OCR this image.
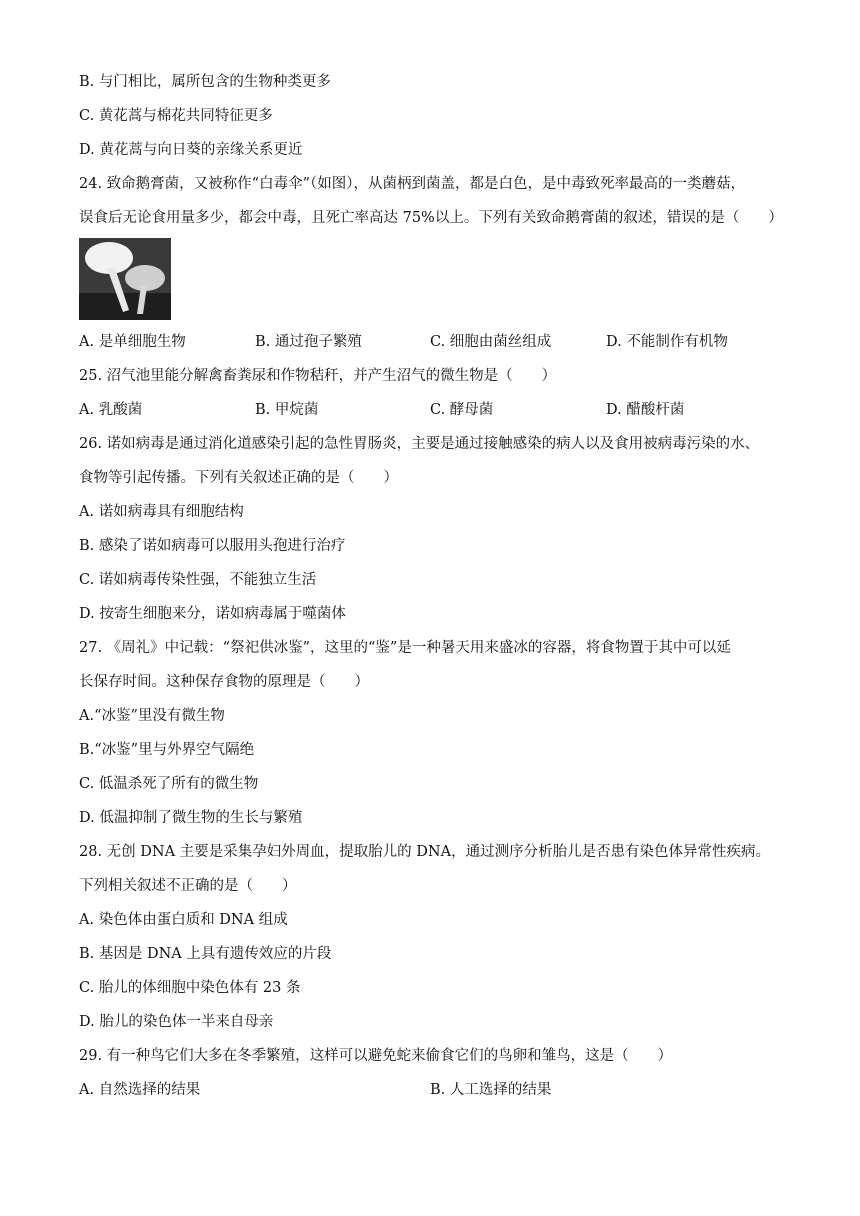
B. 与门相比，属所包含的生物种类更多
C. 黄花蒿与棉花共同特征更多
D. 黄花蒿与向日葵的亲缘关系更近
24. 致命鹅膏菌，又被称作“白毒伞”（如图），从菌柄到菌盖，都是白色，是中毒致死率最高的一类蘑菇，
误食后无论食用量多少，都会中毒，且死亡率高达 75%以上。下列有关致命鹅膏菌的叙述，错误的是（　　）
A. 是单细胞生物	B. 通过孢子繁殖	C. 细胞由菌丝组成	D. 不能制作有机物
25. 沼气池里能分解禽畜粪尿和作物秸秆，并产生沼气的微生物是（　　）
A. 乳酸菌	B. 甲烷菌	C. 酵母菌	D. 醋酸杆菌
26. 诺如病毒是通过消化道感染引起的急性胃肠炎，主要是通过接触感染的病人以及食用被病毒污染的水、
食物等引起传播。下列有关叙述正确的是（　　）
A. 诺如病毒具有细胞结构
B. 感染了诺如病毒可以服用头孢进行治疗
C. 诺如病毒传染性强，不能独立生活
D. 按寄生细胞来分，诺如病毒属于噬菌体
27. 《周礼》中记载：“祭祀供冰鉴”，这里的“鉴”是一种暑天用来盛冰的容器，将食物置于其中可以延
长保存时间。这种保存食物的原理是（　　）
A.“冰鉴”里没有微生物
B.“冰鉴”里与外界空气隔绝
C. 低温杀死了所有的微生物
D. 低温抑制了微生物的生长与繁殖
28. 无创 DNA 主要是采集孕妇外周血，提取胎儿的 DNA，通过测序分析胎儿是否患有染色体异常性疾病。
下列相关叙述不正确的是（　　）
A. 染色体由蛋白质和 DNA 组成
B. 基因是 DNA 上具有遗传效应的片段
C. 胎儿的体细胞中染色体有 23 条
D. 胎儿的染色体一半来自母亲
29. 有一种鸟它们大多在冬季繁殖，这样可以避免蛇来偷食它们的鸟卵和雏鸟，这是（　　）
A. 自然选择的结果	B. 人工选择的结果
